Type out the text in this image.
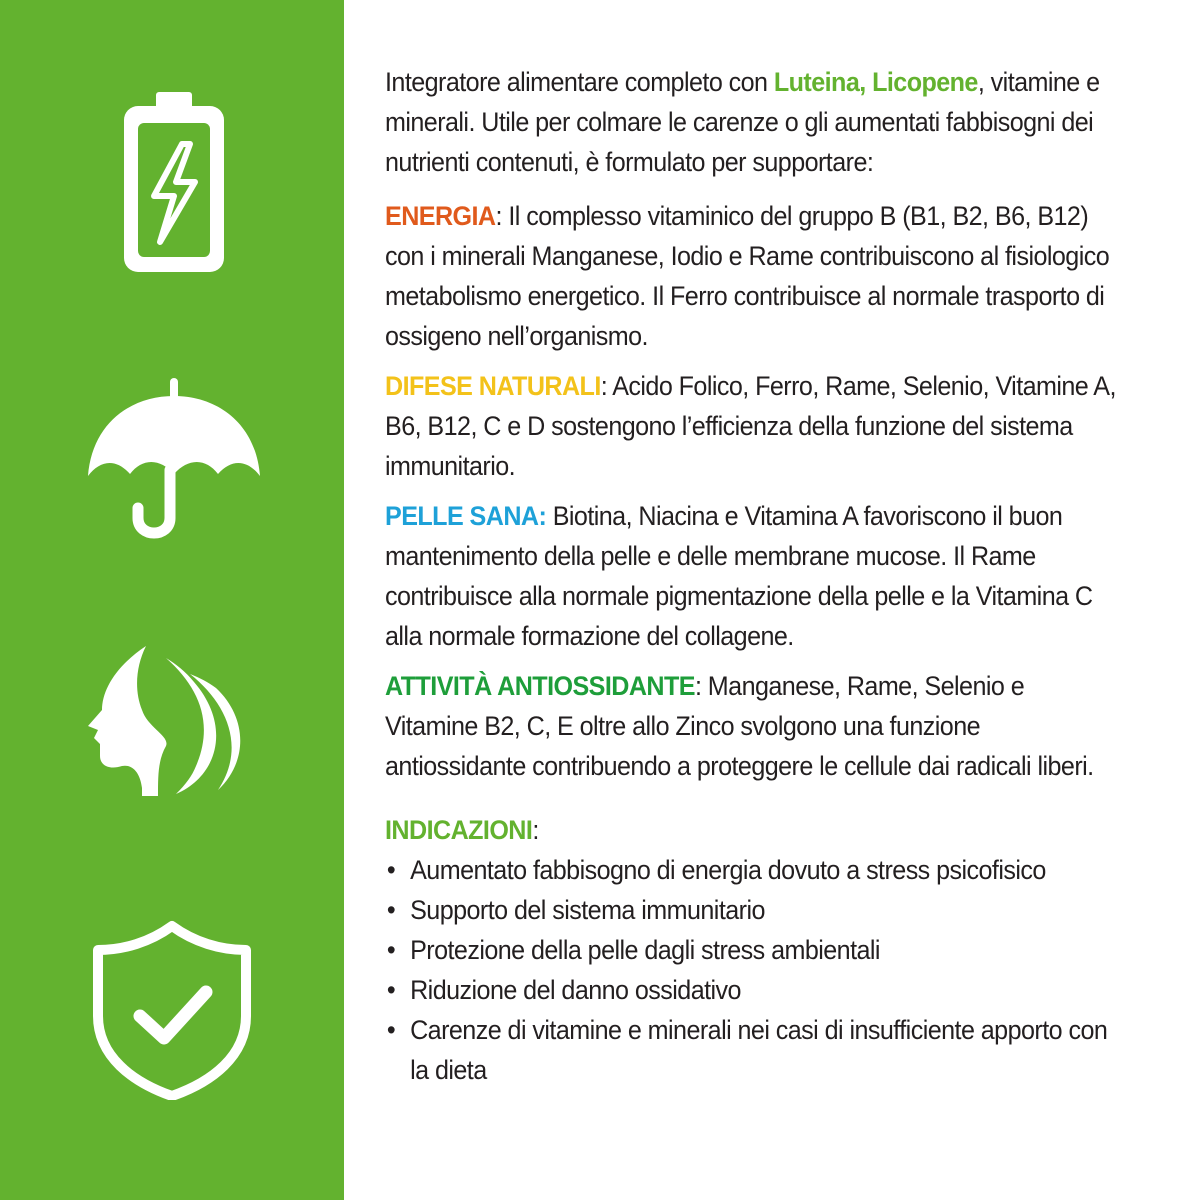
Integratore alimentare completo con Luteina, Licopene, vitamine e minerali. Utile per colmare le carenze o gli aumentati fabbisogni dei nutrienti contenuti, è formulato per supportare:

ENERGIA: Il complesso vitaminico del gruppo B (B1, B2, B6, B12) con i minerali Manganese, Iodio e Rame contribuiscono al fisiologico metabolismo energetico. Il Ferro contribuisce al normale trasporto di ossigeno nell’organismo.

DIFESE NATURALI: Acido Folico, Ferro, Rame, Selenio, Vitamine A, B6, B12, C e D sostengono l’efficienza della funzione del sistema immunitario.

PELLE SANA: Biotina, Niacina e Vitamina A favoriscono il buon mantenimento della pelle e delle membrane mucose. Il Rame contribuisce alla normale pigmentazione della pelle e la Vitamina C alla normale formazione del collagene.

ATTIVITÀ ANTIOSSIDANTE: Manganese, Rame, Selenio e Vitamine B2, C, E oltre allo Zinco svolgono una funzione antiossidante contribuendo a proteggere le cellule dai radicali liberi.

INDICAZIONI:

• Aumentato fabbisogno di energia dovuto a stress psicofisico
• Supporto del sistema immunitario
• Protezione della pelle dagli stress ambientali
• Riduzione del danno ossidativo
• Carenze di vitamine e minerali nei casi di insufficiente apporto con la dieta
